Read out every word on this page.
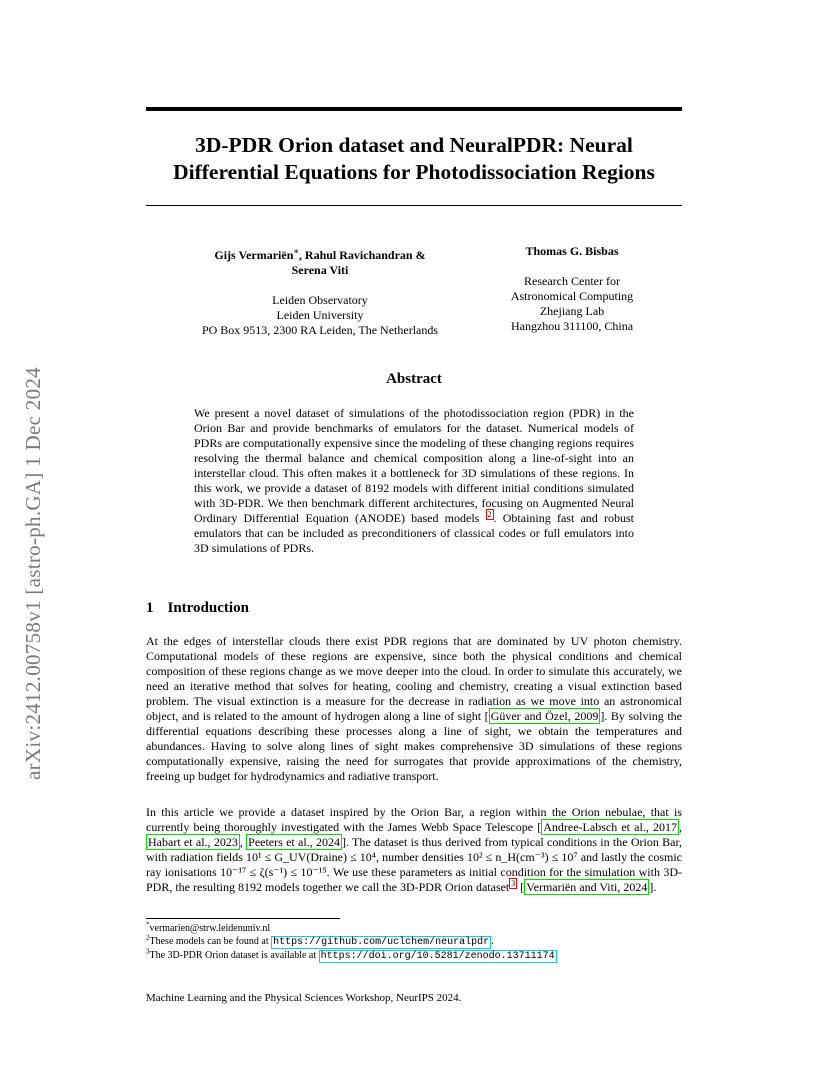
arXiv:2412.00758v1 [astro-ph.GA] 1 Dec 2024
3D-PDR Orion dataset and NeuralPDR: Neural
Differential Equations for Photodissociation Regions
Gijs Vermariën∗, Rahul Ravichandran &
Serena Viti
Leiden Observatory
Leiden University
PO Box 9513, 2300 RA Leiden, The Netherlands
Thomas G. Bisbas
Research Center for
Astronomical Computing
Zhejiang Lab
Hangzhou 311100, China
Abstract
We present a novel dataset of simulations of the photodissociation region (PDR) in the Orion Bar and provide benchmarks of emulators for the dataset. Numerical models of PDRs are computationally expensive since the modeling of these changing regions requires resolving the thermal balance and chemical composition along a line-of-sight into an interstellar cloud. This often makes it a bottleneck for 3D simulations of these regions. In this work, we provide a dataset of 8192 models with different initial conditions simulated with 3D-PDR. We then benchmark different architectures, focusing on Augmented Neural Ordinary Differential Equation (ANODE) based models $^2$ . Obtaining fast and robust emulators that can be included as preconditioners of classical codes or full emulators into 3D simulations of PDRs.
1 Introduction
At the edges of interstellar clouds there exist PDR regions that are dominated by UV photon chemistry. Computational models of these regions are expensive, since both the physical conditions and chemical composition of these regions change as we move deeper into the cloud. In order to simulate this accurately, we need an iterative method that solves for heating, cooling and chemistry, creating a visual extinction based problem. The visual extinction is a measure for the decrease in radiation as we move into an astronomical object, and is related to the amount of hydrogen along a line of sight [ Güver and Özel, 2009 ]. By solving the differential equations describing these processes along a line of sight, we obtain the temperatures and abundances. Having to solve along lines of sight makes comprehensive 3D simulations of these regions computationally expensive, raising the need for surrogates that provide approximations of the chemistry, freeing up budget for hydrodynamics and radiative transport.
In this article we provide a dataset inspired by the Orion Bar, a region within the Orion nebulae, that is currently being thoroughly investigated with the James Webb Space Telescope [ Andree-Labsch et al., 2017 , Habart et al., 2023 , Peeters et al., 2024 ]. The dataset is thus derived from typical conditions in the Orion Bar, with radiation fields 10¹ ≤ G_UV(Draine) ≤ 10⁴, number densities 10² ≤ n_H(cm⁻³) ≤ 10⁷ and lastly the cosmic ray ionisations 10⁻¹⁷ ≤ ζ(s⁻¹) ≤ 10⁻¹⁵. We use these parameters as initial condition for the simulation with 3D-PDR, the resulting 8192 models together we call the 3D-PDR Orion dataset $^3$ [ Vermariën and Viti, 2024 ].
*vermarien@strw.leidenuniv.nl
$^2$These models can be found at https://github.com/uclchem/neuralpdr .
$^3$The 3D-PDR Orion dataset is available at https://doi.org/10.5281/zenodo.13711174
Machine Learning and the Physical Sciences Workshop, NeurIPS 2024.
